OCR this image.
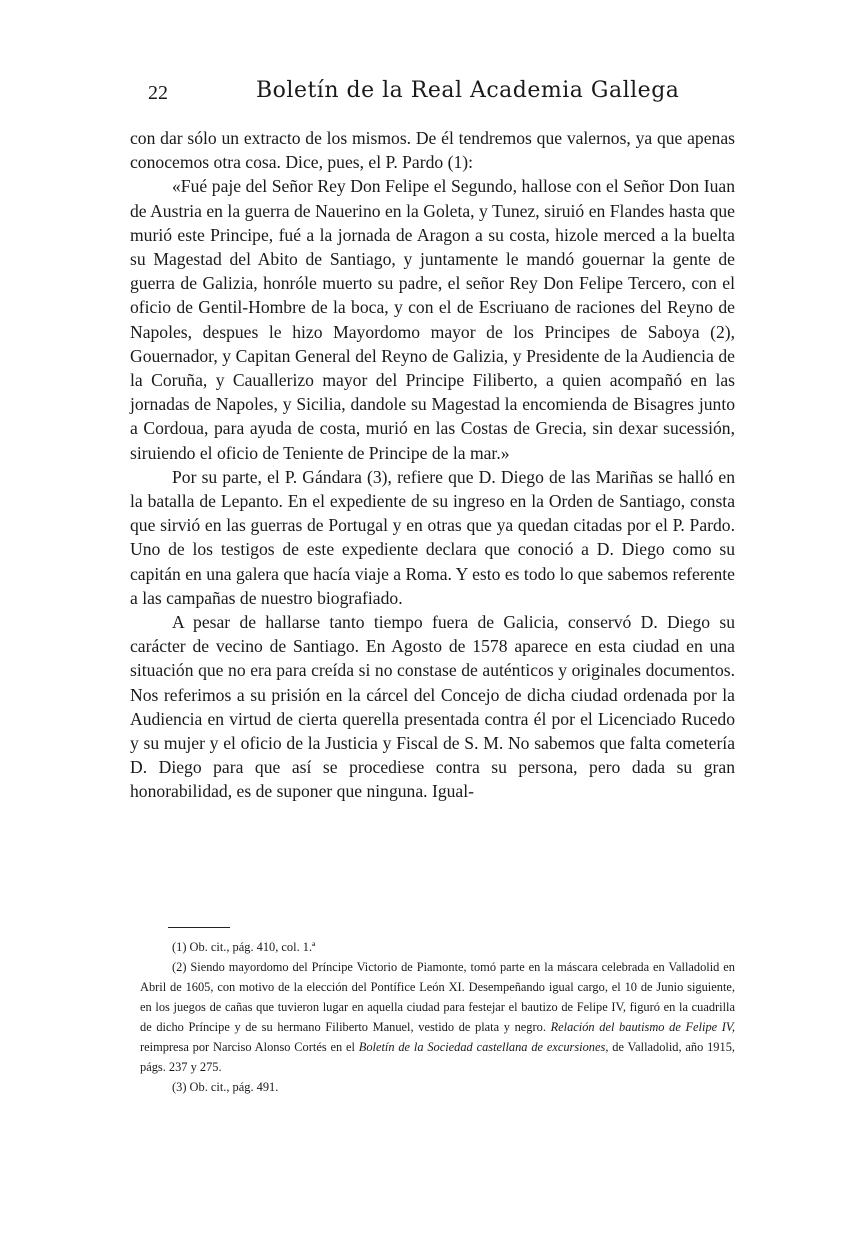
22	Boletín de la Real Academia Gallega

con dar sólo un extracto de los mismos. De él tendremos que valernos, ya que apenas conocemos otra cosa. Dice, pues, el P. Pardo (1):

«Fué paje del Señor Rey Don Felipe el Segundo, hallose con el Señor Don Iuan de Austria en la guerra de Nauerino en la Goleta, y Tunez, siruió en Flandes hasta que murió este Principe, fué a la jornada de Aragon a su costa, hizole merced a la buelta su Magestad del Abito de Santiago, y juntamente le mandó gouernar la gente de guerra de Galizia, honróle muerto su padre, el señor Rey Don Felipe Tercero, con el oficio de Gentil-Hombre de la boca, y con el de Escriuano de raciones del Reyno de Napoles, despues le hizo Mayordomo mayor de los Principes de Saboya (2), Gouernador, y Capitan General del Reyno de Galizia, y Presidente de la Audiencia de la Coruña, y Cauallerizo mayor del Principe Filiberto, a quien acompañó en las jornadas de Napoles, y Sicilia, dandole su Magestad la encomienda de Bisagres junto a Cordoua, para ayuda de costa, murió en las Costas de Grecia, sin dexar sucessión, siruiendo el oficio de Teniente de Principe de la mar.»

Por su parte, el P. Gándara (3), refiere que D. Diego de las Mariñas se halló en la batalla de Lepanto. En el expediente de su ingreso en la Orden de Santiago, consta que sirvió en las guerras de Portugal y en otras que ya quedan citadas por el P. Pardo. Uno de los testigos de este expediente declara que conoció a D. Diego como su capitán en una galera que hacía viaje a Roma. Y esto es todo lo que sabemos referente a las campañas de nuestro biografiado.

A pesar de hallarse tanto tiempo fuera de Galicia, conservó D. Diego su carácter de vecino de Santiago. En Agosto de 1578 aparece en esta ciudad en una situación que no era para creída si no constase de auténticos y originales documentos. Nos referimos a su prisión en la cárcel del Concejo de dicha ciudad ordenada por la Audiencia en virtud de cierta querella presentada contra él por el Licenciado Rucedo y su mujer y el oficio de la Justicia y Fiscal de S. M. No sabemos que falta cometería D. Diego para que así se procediese contra su persona, pero dada su gran honorabilidad, es de suponer que ninguna. Igual-

(1) Ob. cit., pág. 410, col. 1.ª

(2) Siendo mayordomo del Príncipe Victorio de Piamonte, tomó parte en la máscara celebrada en Valladolid en Abril de 1605, con motivo de la elección del Pontífice León XI. Desempeñando igual cargo, el 10 de Junio siguiente, en los juegos de cañas que tuvieron lugar en aquella ciudad para festejar el bautizo de Felipe IV, figuró en la cuadrilla de dicho Príncipe y de su hermano Filiberto Manuel, vestido de plata y negro. Relación del bautismo de Felipe IV, reimpresa por Narciso Alonso Cortés en el Boletín de la Sociedad castellana de excursiones, de Valladolid, año 1915, págs. 237 y 275.

(3) Ob. cit., pág. 491.
